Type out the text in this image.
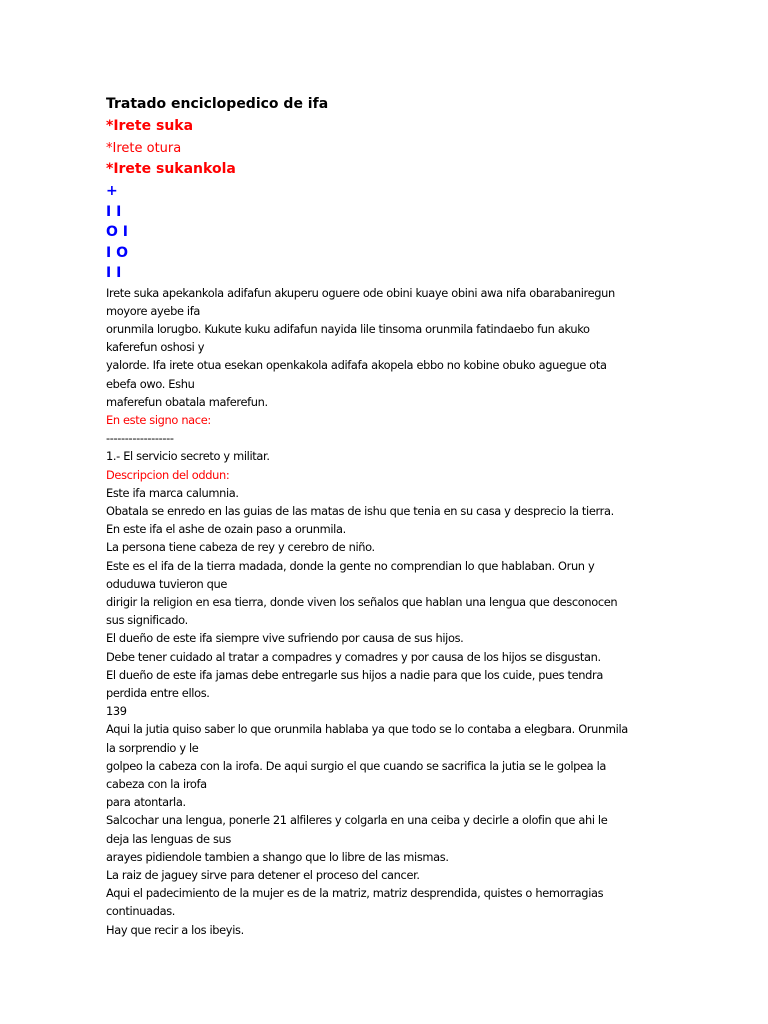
Tratado enciclopedico de ifa
*Irete suka
*Irete otura
*Irete sukankola
+
I I
O I
I O
I I
Irete suka apekankola adifafun akuperu oguere ode obini kuaye obini awa nifa obarabaniregun
moyore ayebe ifa
orunmila lorugbo. Kukute kuku adifafun nayida lile tinsoma orunmila fatindaebo fun akuko
kaferefun oshosi y
yalorde. Ifa irete otua esekan openkakola adifafa akopela ebbo no kobine obuko aguegue ota
ebefa owo. Eshu
maferefun obatala maferefun.
En este signo nace:
------------------
1.- El servicio secreto y militar.
Descripcion del oddun:
Este ifa marca calumnia.
Obatala se enredo en las guias de las matas de ishu que tenia en su casa y desprecio la tierra.
En este ifa el ashe de ozain paso a orunmila.
La persona tiene cabeza de rey y cerebro de niño.
Este es el ifa de la tierra madada, donde la gente no comprendian lo que hablaban. Orun y
oduduwa tuvieron que
dirigir la religion en esa tierra, donde viven los señalos que hablan una lengua que desconocen
sus significado.
El dueño de este ifa siempre vive sufriendo por causa de sus hijos.
Debe tener cuidado al tratar a compadres y comadres y por causa de los hijos se disgustan.
El dueño de este ifa jamas debe entregarle sus hijos a nadie para que los cuide, pues tendra
perdida entre ellos.
139
Aqui la jutia quiso saber lo que orunmila hablaba ya que todo se lo contaba a elegbara. Orunmila
la sorprendio y le
golpeo la cabeza con la irofa. De aqui surgio el que cuando se sacrifica la jutia se le golpea la
cabeza con la irofa
para atontarla.
Salcochar una lengua, ponerle 21 alfileres y colgarla en una ceiba y decirle a olofin que ahi le
deja las lenguas de sus
arayes pidiendole tambien a shango que lo libre de las mismas.
La raiz de jaguey sirve para detener el proceso del cancer.
Aqui el padecimiento de la mujer es de la matriz, matriz desprendida, quistes o hemorragias
continuadas.
Hay que recir a los ibeyis.
